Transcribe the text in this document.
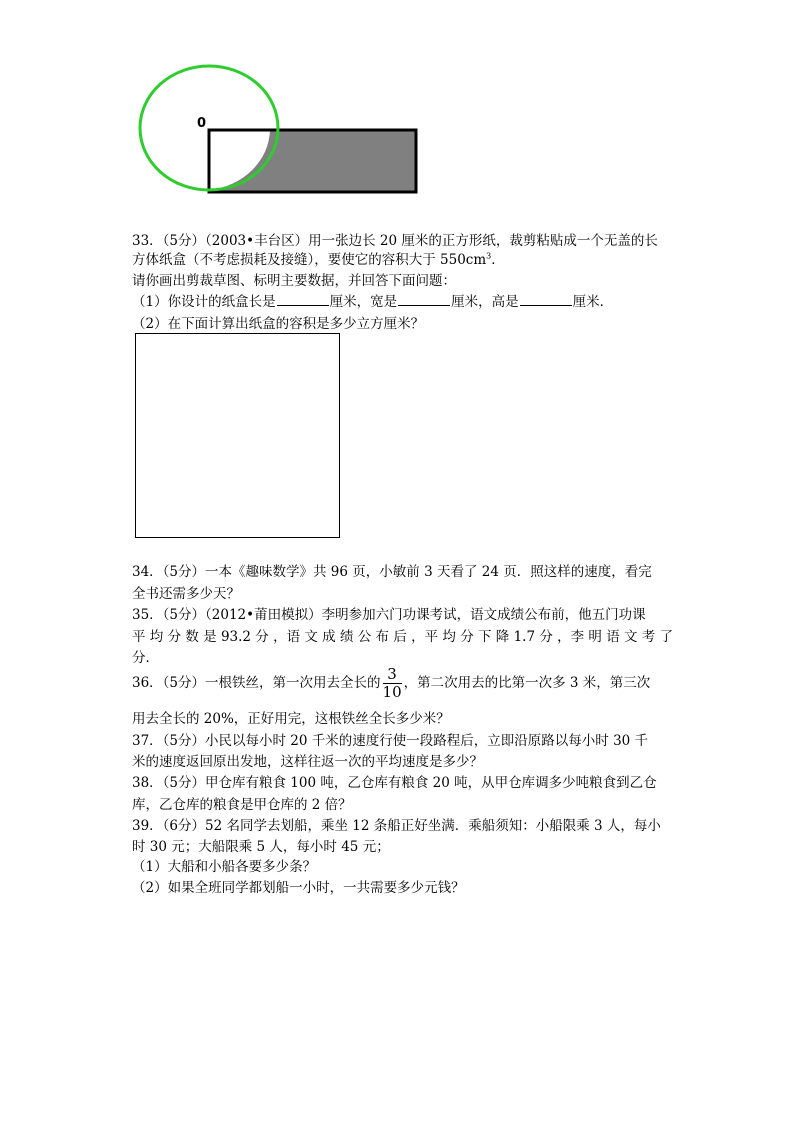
0
33．（5分）（2003•丰台区）用一张边长 20 厘米的正方形纸，裁剪粘贴成一个无盖的长
方体纸盒（不考虑损耗及接缝），要使它的容积大于 $550cm^3$．
请你画出剪裁草图、标明主要数据，并回答下面问题：
（1）你设计的纸盒长是	厘米，宽是	厘米，高是	厘米．
（2）在下面计算出纸盒的容积是多少立方厘米？
34．（5分）一本《趣味数学》共 96 页，小敏前 3 天看了 24 页．照这样的速度，看完
全书还需多少天？
35．（5分）（2012•莆田模拟）李明参加六门功课考试，语文成绩公布前，他五门功课
平 均 分 数 是 93.2 分 ，语 文 成 绩 公 布 后 ，平 均 分 下 降 1.7 分 ，李 明 语 文 考 了
分．
36．（5分）一根铁丝，第一次用去全长的 $\frac{3}{10}$ ，第二次用去的比第一次多 3 米，第三次
用去全长的 20%，正好用完，这根铁丝全长多少米？
37．（5分）小民以每小时 20 千米的速度行使一段路程后，立即沿原路以每小时 30 千
米的速度返回原出发地，这样往返一次的平均速度是多少？
38．（5分）甲仓库有粮食 100 吨，乙仓库有粮食 20 吨，从甲仓库调多少吨粮食到乙仓
库，乙仓库的粮食是甲仓库的 2 倍？
39．（6分）52 名同学去划船，乘坐 12 条船正好坐满．乘船须知：小船限乘 3 人，每小
时 30 元；大船限乘 5 人，每小时 45 元；
（1）大船和小船各要多少条？
（2）如果全班同学都划船一小时，一共需要多少元钱？
